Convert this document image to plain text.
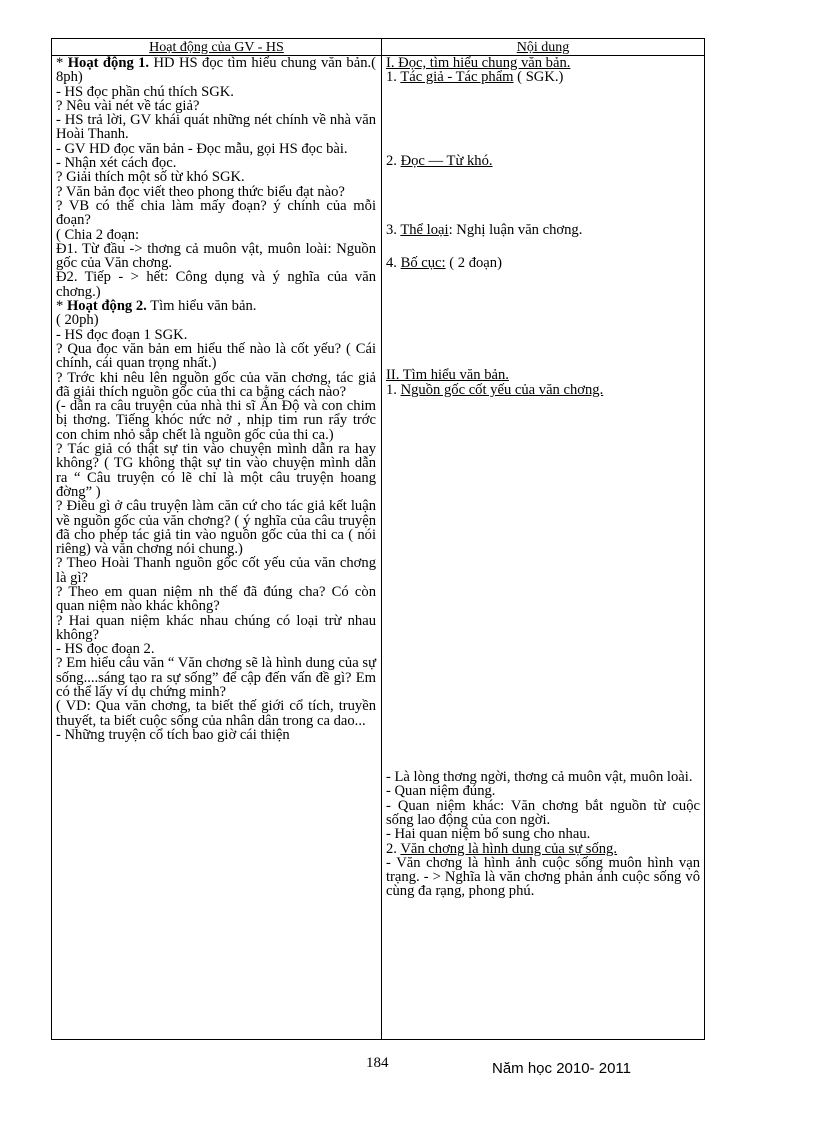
Hoạt động của GV - HS	Nội dung
* Hoạt động 1. HD HS đọc tìm hiểu chung văn bản.( 8ph)
- HS đọc phần chú thích SGK.
? Nêu vài nét về tác giả?
- HS trả lời, GV khái quát những nét chính về nhà văn Hoài Thanh.
- GV HD đọc văn bản - Đọc mẫu, gọi HS đọc bài.
- Nhận xét cách đọc.
? Giải thích một số từ khó SGK.
? Văn bản đọc viết theo phong thức biểu đạt nào?
? VB có thể chia làm mấy đoạn? ý chính của mỗi đoạn?
( Chia 2 đoạn:
Đ1. Từ đầu -> thơng cả muôn vật, muôn loài: Nguồn gốc của Văn chơng.
Đ2. Tiếp - > hết: Công dụng và ý nghĩa của văn chơng.)
* Hoạt động 2. Tìm hiểu văn bản.
( 20ph)
- HS đọc đoạn 1 SGK.
? Qua đọc văn bản em hiểu thế nào là cốt yếu? ( Cái chính, cái quan trọng nhất.)
? Trớc khi nêu lên nguồn gốc của văn chơng, tác giả đã giải thích nguồn gốc của thi ca bằng cách nào?
(- dẫn ra câu truyện của nhà thi sĩ Ấn Độ và con chim bị thơng. Tiếng khóc nức nở , nhịp tim run rẩy trớc con chim nhỏ sắp chết là nguồn gốc của thi ca.)
? Tác giả có thật sự tin vào chuyện mình dẫn ra hay không? ( TG không thật sự tin vào chuyện mình dẫn ra “ Câu truyện có lẽ chỉ là một câu truyện hoang đờng” )
? Điều gì ở câu truyện làm căn cứ cho tác giả kết luận về nguồn gốc của văn chơng? ( ý nghĩa của câu truyện đã cho phép tác giả tin vào nguồn gốc của thi ca ( nói riêng) và văn chơng nói chung.)
? Theo Hoài Thanh nguồn gốc cốt yếu của văn chơng là gì?
? Theo em quan niệm nh thế đã đúng cha? Có còn quan niệm nào khác không?
? Hai quan niệm khác nhau chúng có loại trừ nhau không?
- HS đọc đoạn 2.
? Em hiểu câu văn “ Văn chơng sẽ là hình dung của sự sống....sáng tạo ra sự sống” để cập đến vấn đề gì? Em có thể lấy ví dụ chứng minh?
( VD: Qua văn chơng, ta biết thế giới cổ tích, truyền thuyết, ta biết cuộc sống của nhân dân trong ca dao...
- Những truyện cổ tích bao giờ cái thiện
I. Đọc, tìm hiểu chung văn bản.
1. Tác giả - Tác phẩm ( SGK.)
2. Đọc — Từ khó.
3. Thể loại: Nghị luận văn chơng.
4. Bố cục: ( 2 đoạn)
II. Tìm hiểu văn bản.
1. Nguồn gốc cốt yếu của văn chơng.
- Là lòng thơng ngời, thơng cả muôn vật, muôn loài.
- Quan niệm đúng.
- Quan niệm khác: Văn chơng bắt nguồn từ cuộc sống lao động của con ngời.
- Hai quan niệm bổ sung cho nhau.
2. Văn chơng là hình dung của sự sống.
- Văn chơng là hình ảnh cuộc sống muôn hình vạn trạng. - > Nghĩa là văn chơng phản ánh cuộc sống vô cùng đa rạng, phong phú.
184	Năm học 2010- 2011
